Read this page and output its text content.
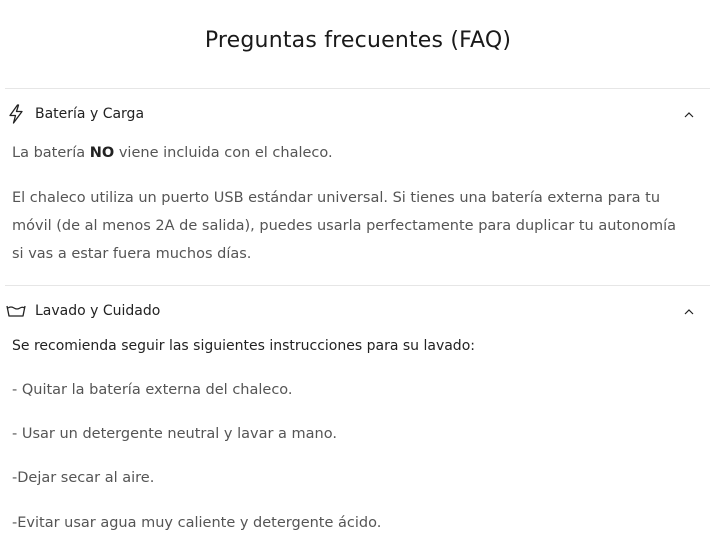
Preguntas frecuentes (FAQ)
Batería y Carga

La batería NO viene incluida con el chaleco.

El chaleco utiliza un puerto USB estándar universal. Si tienes una batería externa para tu móvil (de al menos 2A de salida), puedes usarla perfectamente para duplicar tu autonomía si vas a estar fuera muchos días.

Lavado y Cuidado

Se recomienda seguir las siguientes instrucciones para su lavado:

- Quitar la batería externa del chaleco.

- Usar un detergente neutral y lavar a mano.

-Dejar secar al aire.

-Evitar usar agua muy caliente y detergente ácido.
